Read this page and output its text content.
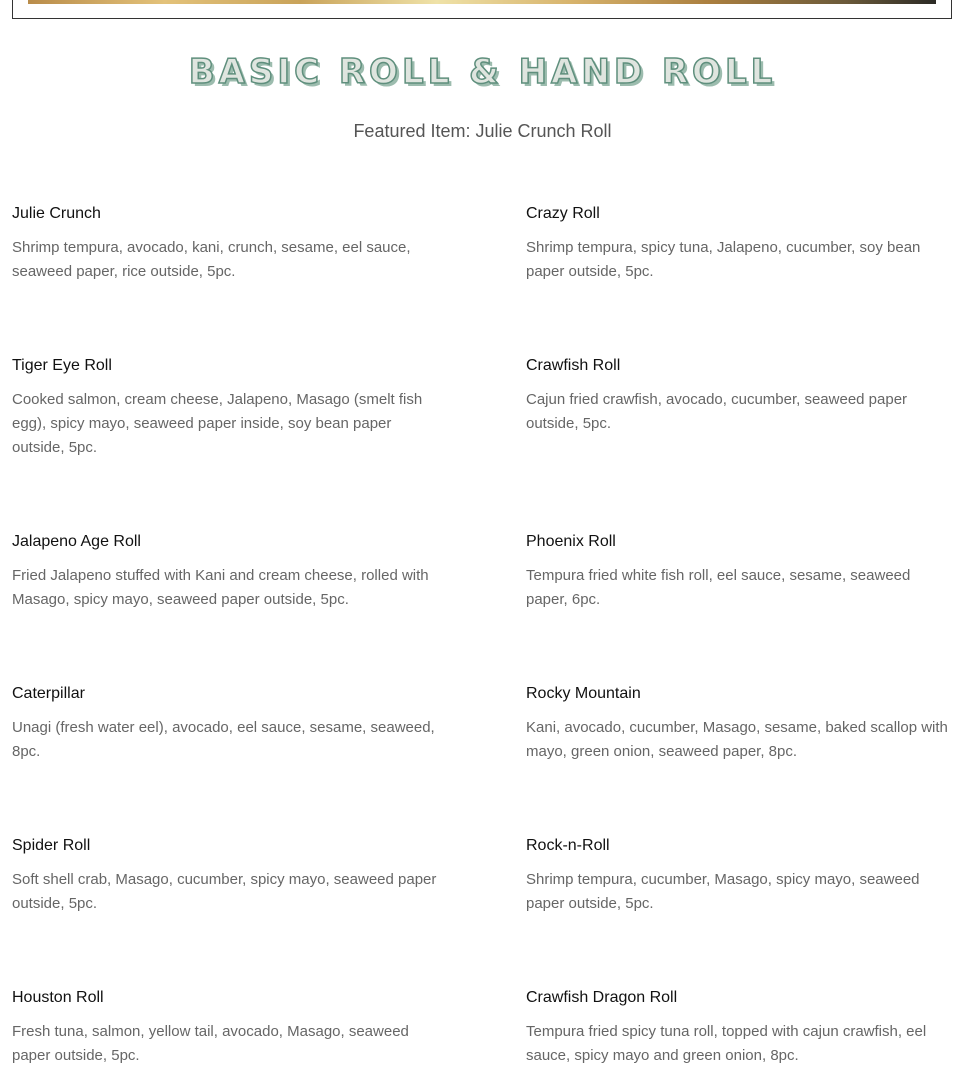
BASIC ROLL & HAND ROLL
Featured Item: Julie Crunch Roll
Julie Crunch
Shrimp tempura, avocado, kani, crunch, sesame, eel sauce, seaweed paper, rice outside, 5pc.
Crazy Roll
Shrimp tempura, spicy tuna, Jalapeno, cucumber, soy bean paper outside, 5pc.
Tiger Eye Roll
Cooked salmon, cream cheese, Jalapeno, Masago (smelt fish egg), spicy mayo, seaweed paper inside, soy bean paper outside, 5pc.
Crawfish Roll
Cajun fried crawfish, avocado, cucumber, seaweed paper outside, 5pc.
Jalapeno Age Roll
Fried Jalapeno stuffed with Kani and cream cheese, rolled with Masago, spicy mayo, seaweed paper outside, 5pc.
Phoenix Roll
Tempura fried white fish roll, eel sauce, sesame, seaweed paper, 6pc.
Caterpillar
Unagi (fresh water eel), avocado, eel sauce, sesame, seaweed, 8pc.
Rocky Mountain
Kani, avocado, cucumber, Masago, sesame, baked scallop with mayo, green onion, seaweed paper, 8pc.
Spider Roll
Soft shell crab, Masago, cucumber, spicy mayo, seaweed paper outside, 5pc.
Rock-n-Roll
Shrimp tempura, cucumber, Masago, spicy mayo, seaweed paper outside, 5pc.
Houston Roll
Fresh tuna, salmon, yellow tail, avocado, Masago, seaweed paper outside, 5pc.
Crawfish Dragon Roll
Tempura fried spicy tuna roll, topped with cajun crawfish, eel sauce, spicy mayo and green onion, 8pc.
